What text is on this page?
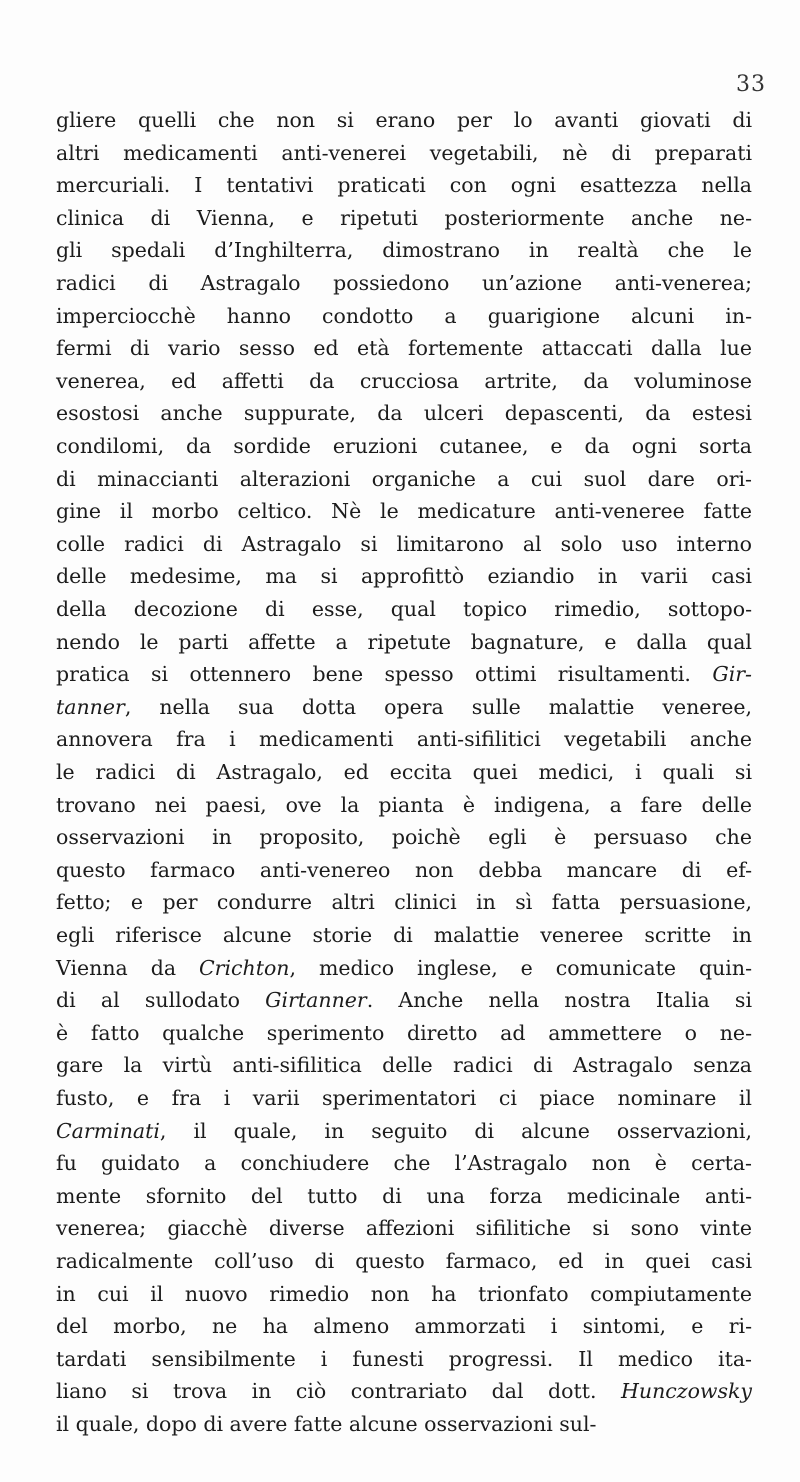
33
gliere quelli che non si erano per lo avanti giovati di
altri medicamenti anti-venerei vegetabili, nè di preparati
mercuriali. I tentativi praticati con ogni esattezza nella
clinica di Vienna, e ripetuti posteriormente anche ne-
gli spedali d’Inghilterra, dimostrano in realtà che le
radici di Astragalo possiedono un’azione anti-venerea;
imperciocchè hanno condotto a guarigione alcuni in-
fermi di vario sesso ed età fortemente attaccati dalla lue
venerea, ed affetti da crucciosa artrite, da voluminose
esostosi anche suppurate, da ulceri depascenti, da estesi
condilomi, da sordide eruzioni cutanee, e da ogni sorta
di minaccianti alterazioni organiche a cui suol dare ori-
gine il morbo celtico. Nè le medicature anti-veneree fatte
colle radici di Astragalo si limitarono al solo uso interno
delle medesime, ma si approfittò eziandio in varii casi
della decozione di esse, qual topico rimedio, sottopo-
nendo le parti affette a ripetute bagnature, e dalla qual
pratica si ottennero bene spesso ottimi risultamenti. Gir-
tanner, nella sua dotta opera sulle malattie veneree,
annovera fra i medicamenti anti-sifilitici vegetabili anche
le radici di Astragalo, ed eccita quei medici, i quali si
trovano nei paesi, ove la pianta è indigena, a fare delle
osservazioni in proposito, poichè egli è persuaso che
questo farmaco anti-venereo non debba mancare di ef-
fetto; e per condurre altri clinici in sì fatta persuasione,
egli riferisce alcune storie di malattie veneree scritte in
Vienna da Crichton, medico inglese, e comunicate quin-
di al sullodato Girtanner. Anche nella nostra Italia si
è fatto qualche sperimento diretto ad ammettere o ne-
gare la virtù anti-sifilitica delle radici di Astragalo senza
fusto, e fra i varii sperimentatori ci piace nominare il
Carminati, il quale, in seguito di alcune osservazioni,
fu guidato a conchiudere che l’Astragalo non è certa-
mente sfornito del tutto di una forza medicinale anti-
venerea; giacchè diverse affezioni sifilitiche si sono vinte
radicalmente coll’uso di questo farmaco, ed in quei casi
in cui il nuovo rimedio non ha trionfato compiutamente
del morbo, ne ha almeno ammorzati i sintomi, e ri-
tardati sensibilmente i funesti progressi. Il medico ita-
liano si trova in ciò contrariato dal dott. Hunczowsky
il quale, dopo di avere fatte alcune osservazioni sul-
